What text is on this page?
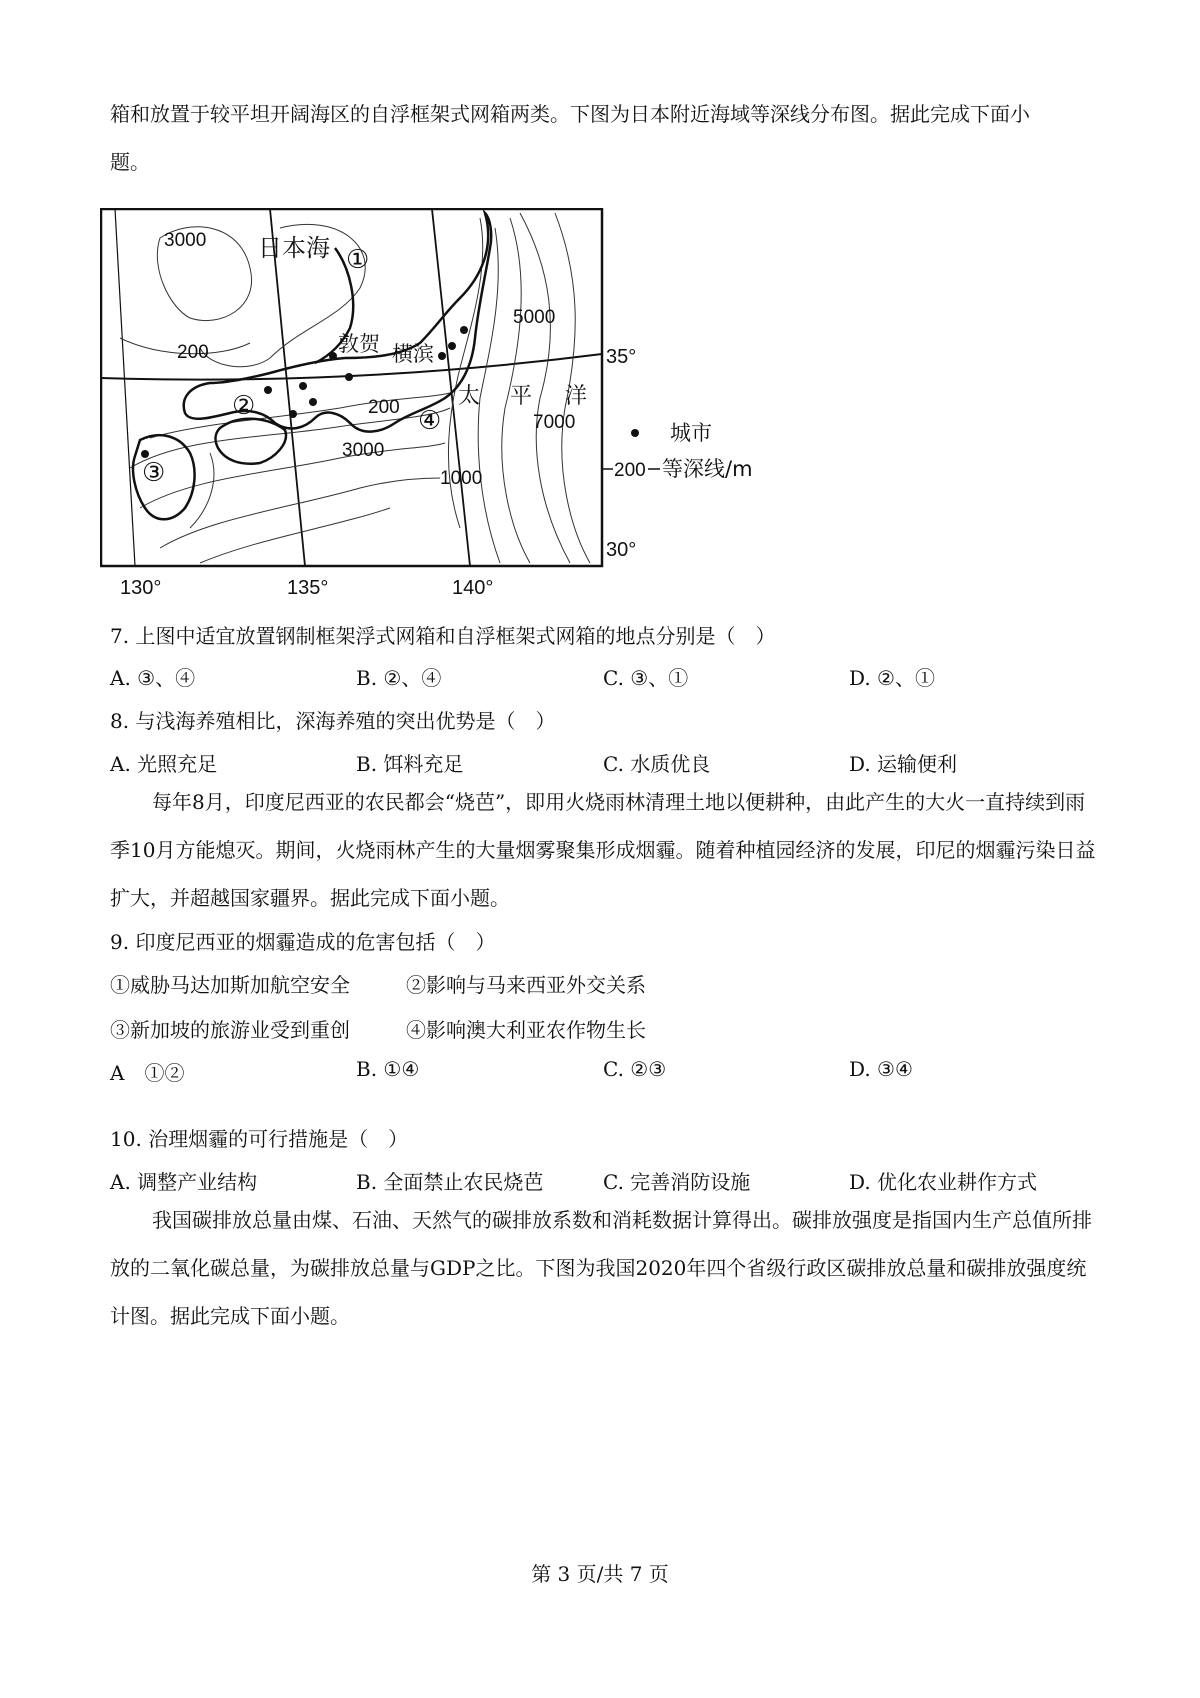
箱和放置于较平坦开阔海区的自浮框架式网箱两类。下图为日本附近海域等深线分布图。据此完成下面小
题。
①
②
③
④
日本海
敦贺 横滨
太 平 洋
3000
200
5000
7000
200
3000
1000
35°
30°
130°	135°	140°
城市
200 等深线/m
7. 上图中适宜放置钢制框架浮式网箱和自浮框架式网箱的地点分别是（　）
A. ③、④	B. ②、④	C. ③、①	D. ②、①
8. 与浅海养殖相比，深海养殖的突出优势是（　）
A. 光照充足	B. 饵料充足	C. 水质优良	D. 运输便利
每年8月，印度尼西亚的农民都会“烧芭”，即用火烧雨林清理土地以便耕种，由此产生的大火一直持续到雨季10月方能熄灭。期间，火烧雨林产生的大量烟雾聚集形成烟霾。随着种植园经济的发展，印尼的烟霾污染日益扩大，并超越国家疆界。据此完成下面小题。
9. 印度尼西亚的烟霾造成的危害包括（　）
①威胁马达加斯加航空安全	②影响与马来西亚外交关系
③新加坡的旅游业受到重创	④影响澳大利亚农作物生长
A　①②	B. ①④	C. ②③	D. ③④
10. 治理烟霾的可行措施是（　）
A. 调整产业结构	B. 全面禁止农民烧芭	C. 完善消防设施	D. 优化农业耕作方式
我国碳排放总量由煤、石油、天然气的碳排放系数和消耗数据计算得出。碳排放强度是指国内生产总值所排放的二氧化碳总量，为碳排放总量与GDP之比。下图为我国2020年四个省级行政区碳排放总量和碳排放强度统计图。据此完成下面小题。
第 3 页/共 7 页
